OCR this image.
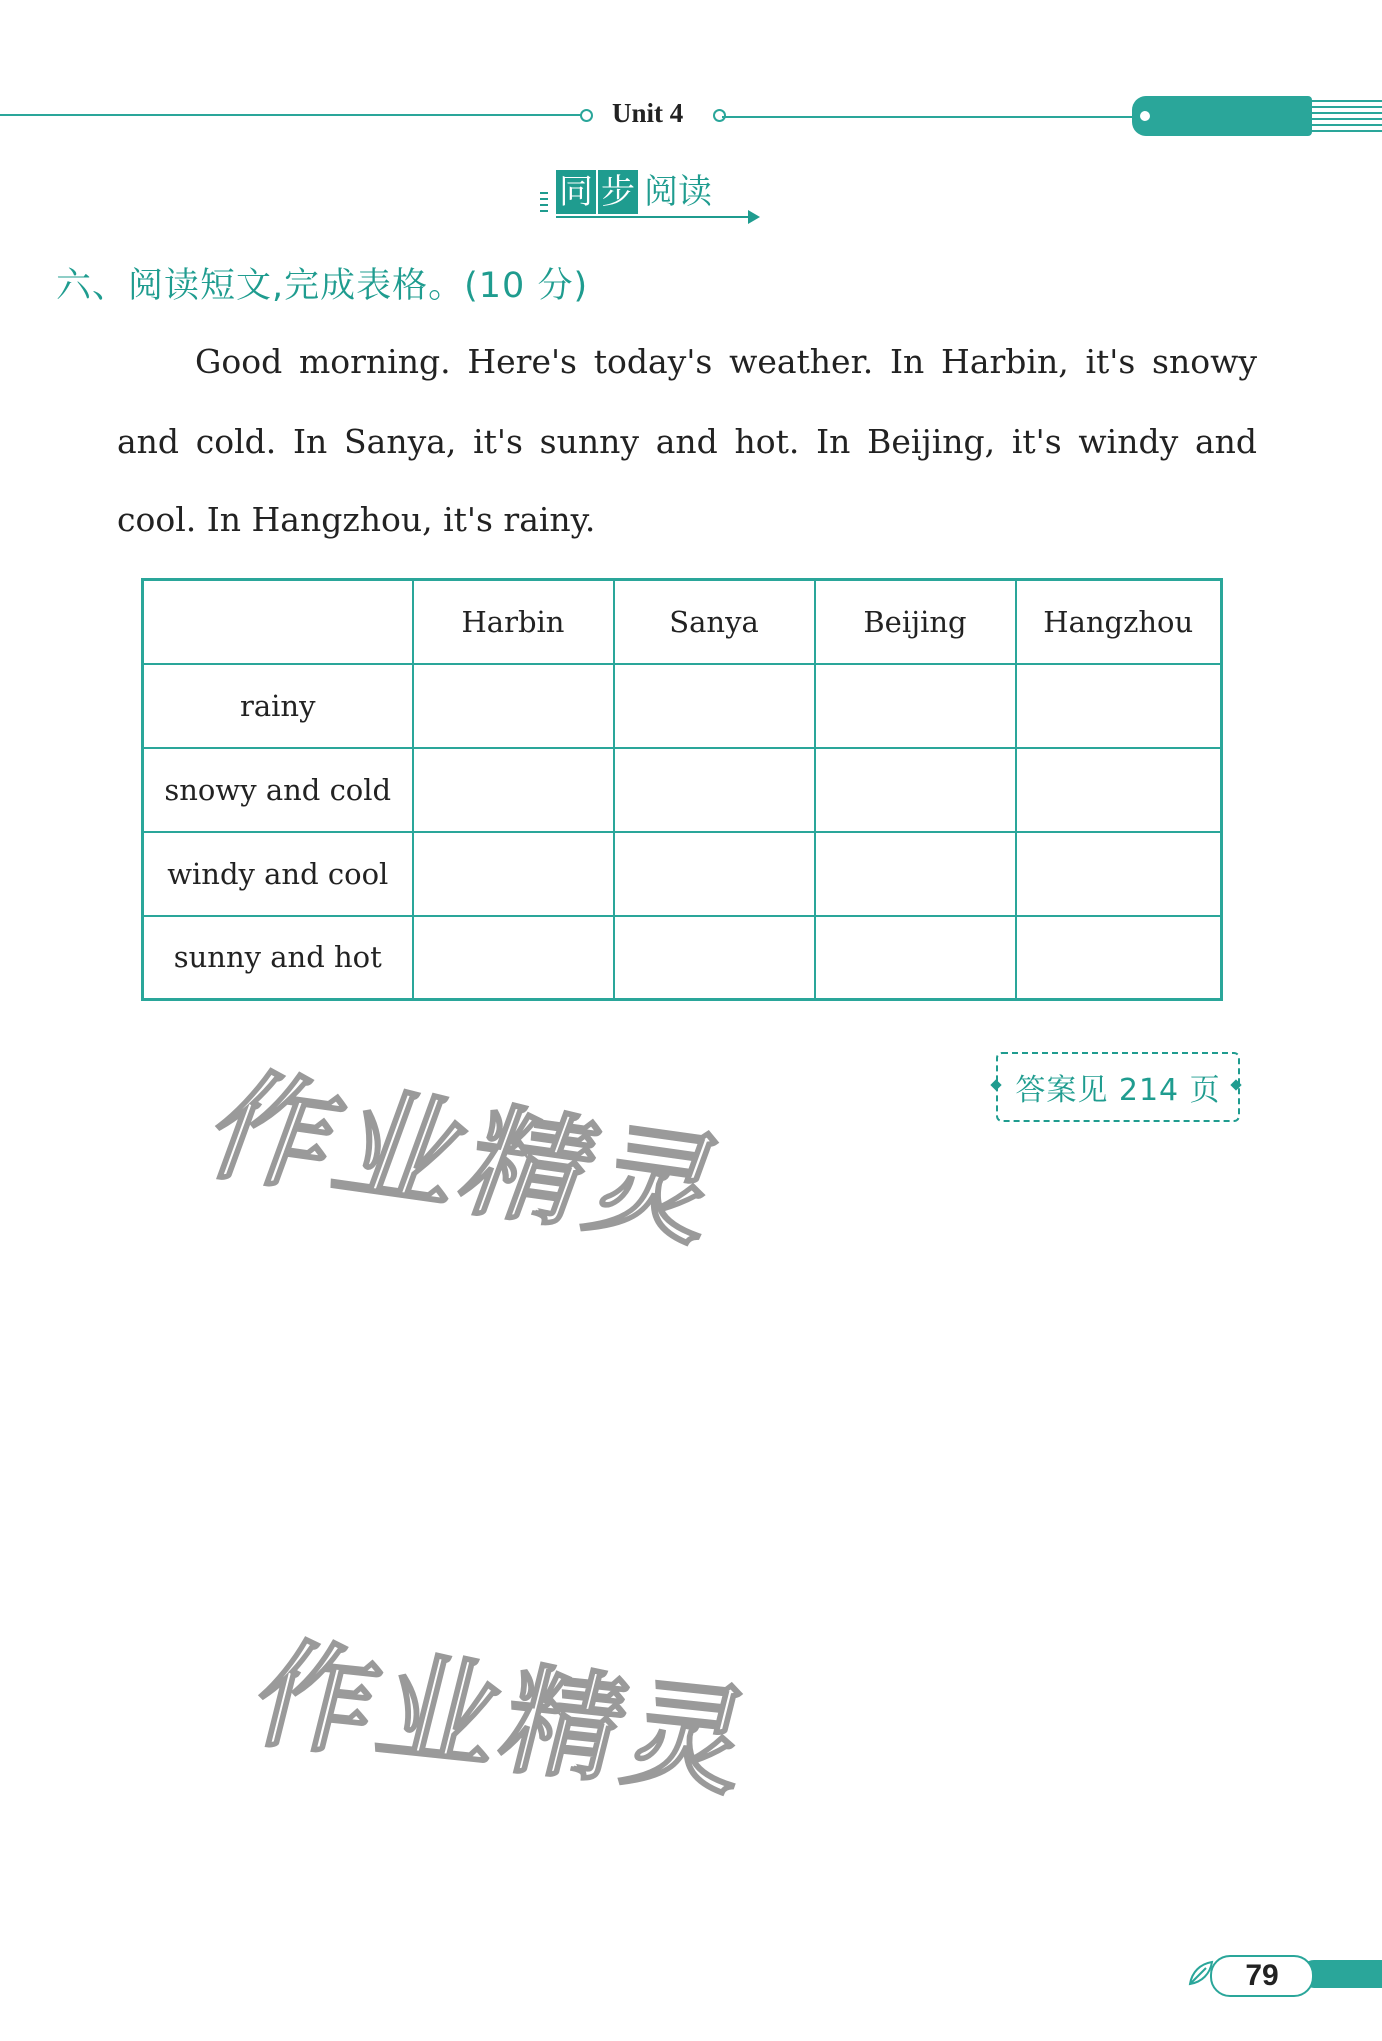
Unit 4
同 步 阅读
六、阅读短文,完成表格。(10 分)
Good morning. Here's today's weather. In Harbin, it's snowy
and cold. In Sanya, it's sunny and hot. In Beijing, it's windy and
cool. In Hangzhou, it's rainy.
	Harbin	Sanya	Beijing	Hangzhou
rainy				
snowy and cold				
windy and cool				
sunny and hot				
作业精灵
作业精灵
答案见 214 页
79
